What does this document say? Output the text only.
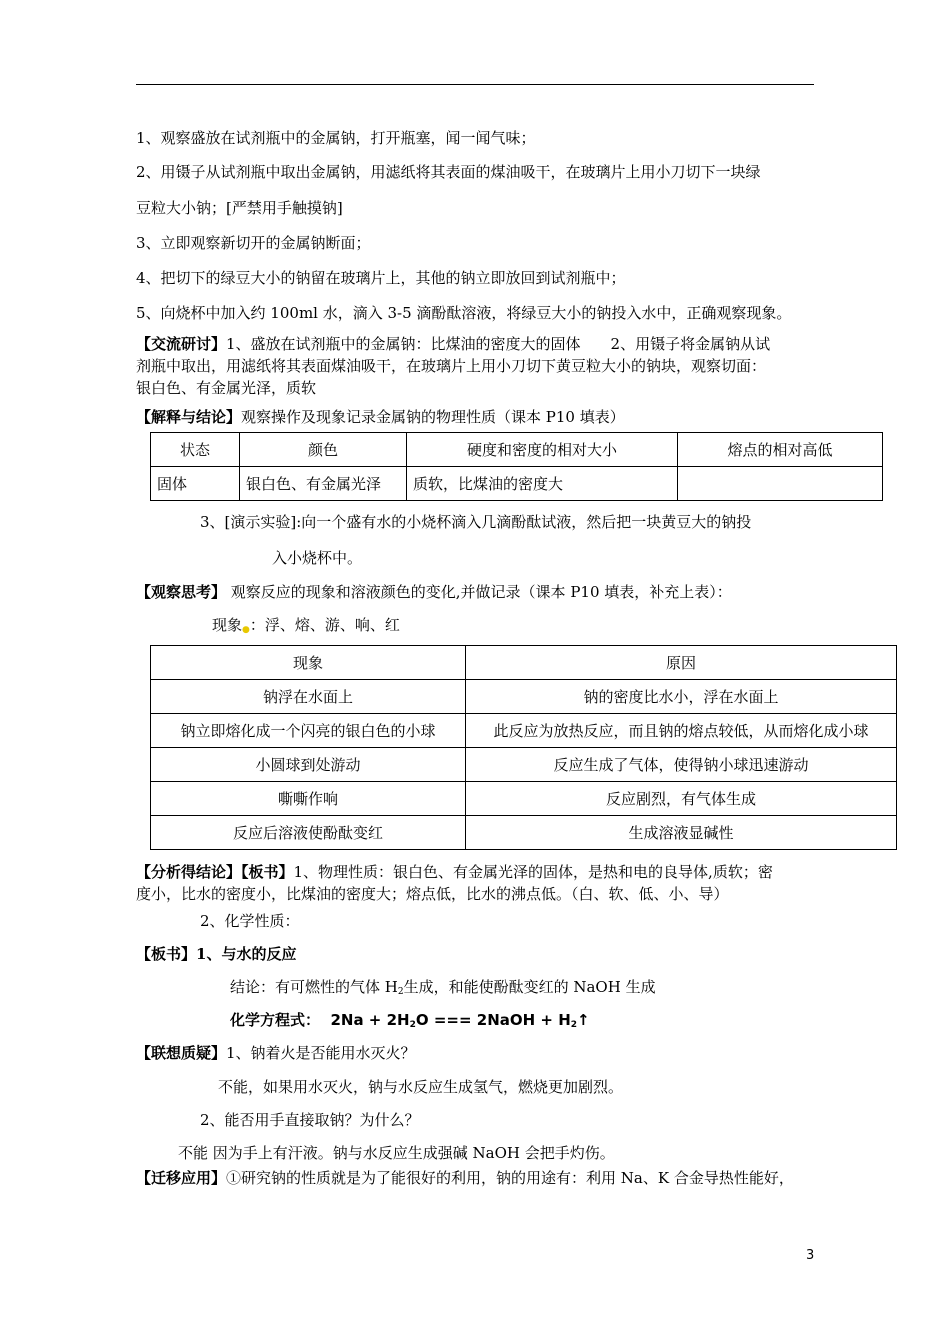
1、观察盛放在试剂瓶中的金属钠，打开瓶塞，闻一闻气味；
2、用镊子从试剂瓶中取出金属钠，用滤纸将其表面的煤油吸干，在玻璃片上用小刀切下一块绿
豆粒大小钠；[严禁用手触摸钠]
3、立即观察新切开的金属钠断面；
4、把切下的绿豆大小的钠留在玻璃片上，其他的钠立即放回到试剂瓶中；
5、向烧杯中加入约 100ml 水，滴入 3-5 滴酚酞溶液，将绿豆大小的钠投入水中，正确观察现象。
【交流研讨】1、盛放在试剂瓶中的金属钠：比煤油的密度大的固体　　2、用镊子将金属钠从试
剂瓶中取出，用滤纸将其表面煤油吸干，在玻璃片上用小刀切下黄豆粒大小的钠块，观察切面：
银白色、有金属光泽，质软
【解释与结论】观察操作及现象记录金属钠的物理性质（课本 P10 填表）
状态	颜色	硬度和密度的相对大小	熔点的相对高低
固体	银白色、有金属光泽	质软，比煤油的密度大	
3、[演示实验]:向一个盛有水的小烧杯滴入几滴酚酞试液，然后把一块黄豆大的钠投
入小烧杯中。
【观察思考】 观察反应的现象和溶液颜色的变化,并做记录（课本 P10 填表，补充上表）：
现象●：浮、熔、游、响、红
现象	原因
钠浮在水面上	钠的密度比水小，浮在水面上
钠立即熔化成一个闪亮的银白色的小球	此反应为放热反应，而且钠的熔点较低，从而熔化成小球
小圆球到处游动	反应生成了气体，使得钠小球迅速游动
嘶嘶作响	反应剧烈，有气体生成
反应后溶液使酚酞变红	生成溶液显碱性
【分析得结论】【板书】1、物理性质：银白色、有金属光泽的固体，是热和电的良导体,质软；密
度小，比水的密度小，比煤油的密度大；熔点低，比水的沸点低。（白、软、低、小、导）
2、化学性质：
【板书】1、与水的反应
结论：有可燃性的气体 $H_2$生成，和能使酚酞变红的 NaOH 生成
化学方程式： $2Na + 2H_2O$ === 2NaOH + $H_2↑$
【联想质疑】1、钠着火是否能用水灭火？
不能，如果用水灭火，钠与水反应生成氢气，燃烧更加剧烈。
2、能否用手直接取钠？为什么？
不能 因为手上有汗液。钠与水反应生成强碱 NaOH 会把手灼伤。
【迁移应用】①研究钠的性质就是为了能很好的利用，钠的用途有：利用 Na、K 合金导热性能好，
3
